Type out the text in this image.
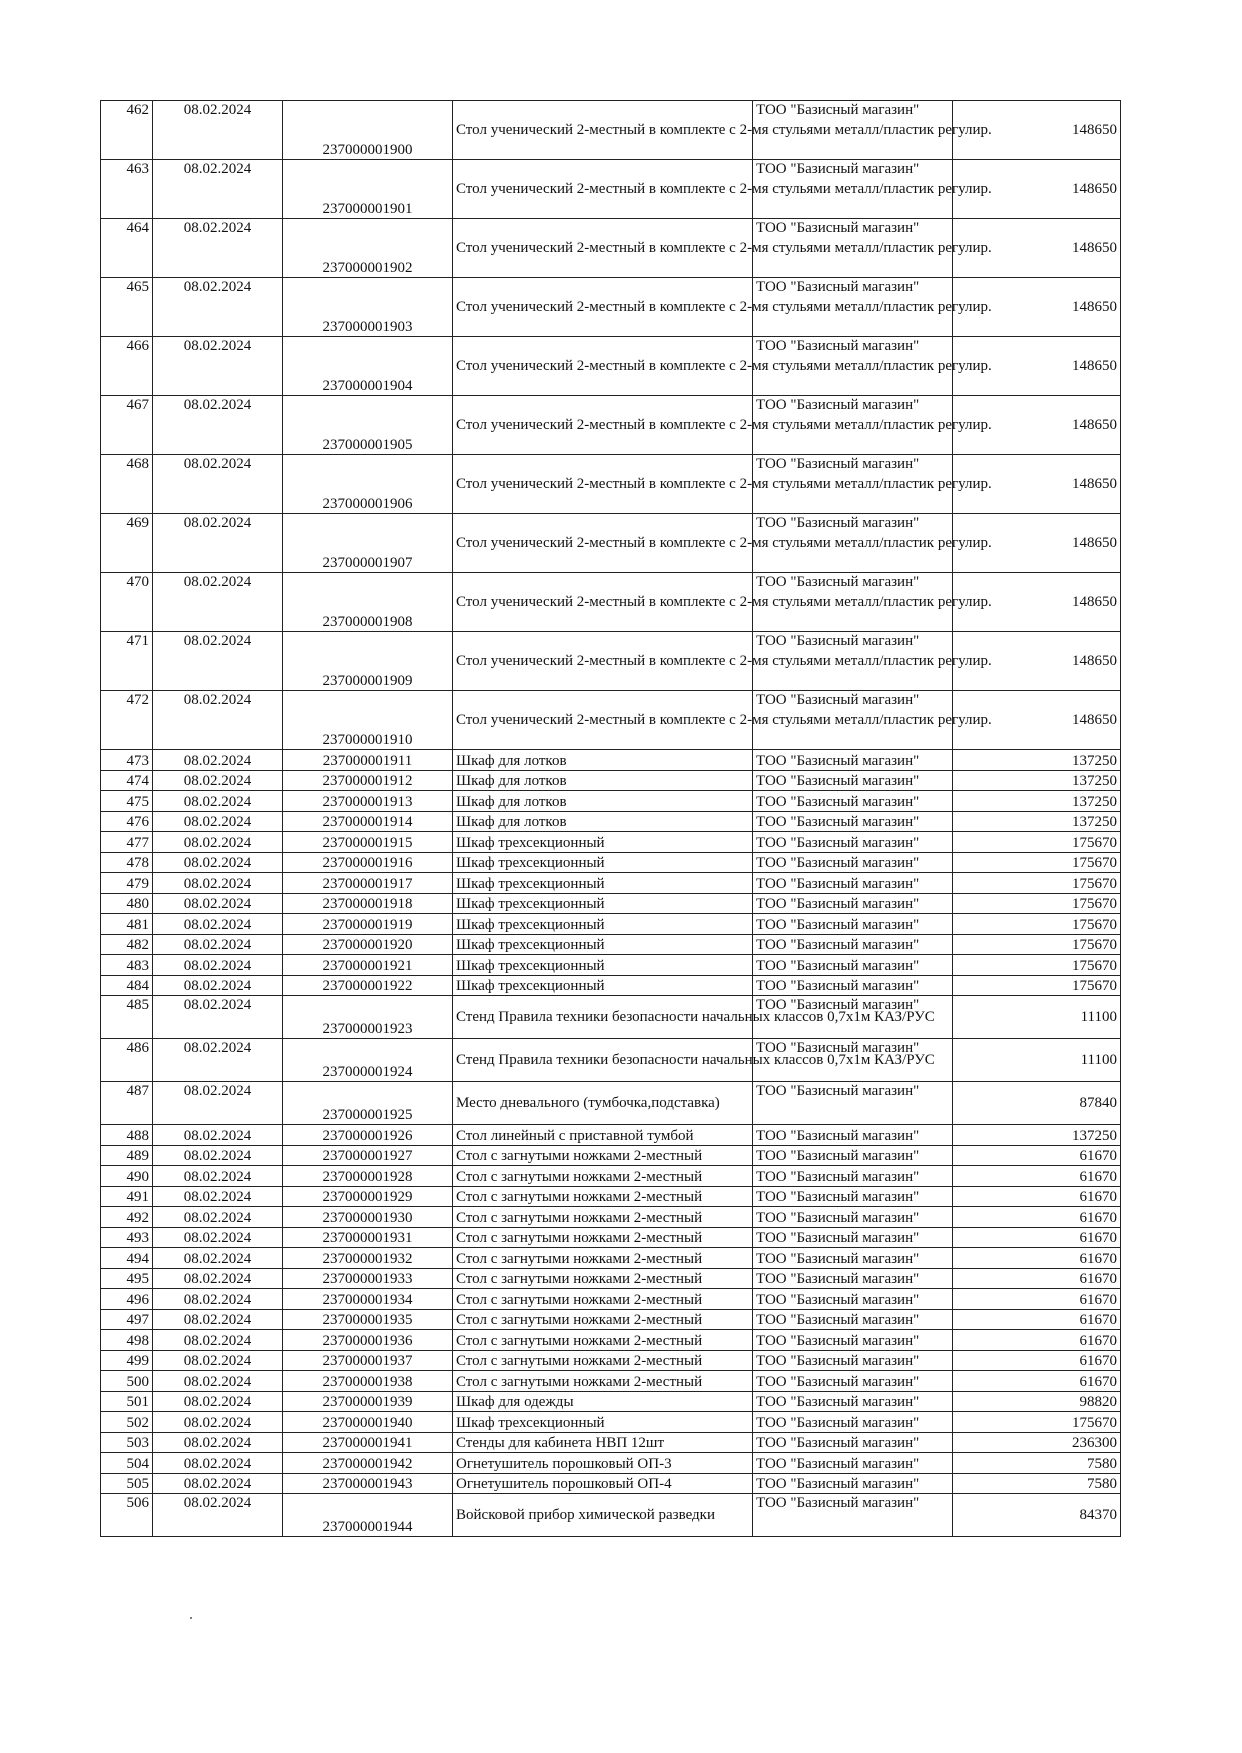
462	08.02.2024	237000001900	Стол ученический 2-местный в комплекте с 2-мя стульями металл/пластик регулир.	ТОО "Базисный магазин"	148650
463	08.02.2024	237000001901	Стол ученический 2-местный в комплекте с 2-мя стульями металл/пластик регулир.	ТОО "Базисный магазин"	148650
464	08.02.2024	237000001902	Стол ученический 2-местный в комплекте с 2-мя стульями металл/пластик регулир.	ТОО "Базисный магазин"	148650
465	08.02.2024	237000001903	Стол ученический 2-местный в комплекте с 2-мя стульями металл/пластик регулир.	ТОО "Базисный магазин"	148650
466	08.02.2024	237000001904	Стол ученический 2-местный в комплекте с 2-мя стульями металл/пластик регулир.	ТОО "Базисный магазин"	148650
467	08.02.2024	237000001905	Стол ученический 2-местный в комплекте с 2-мя стульями металл/пластик регулир.	ТОО "Базисный магазин"	148650
468	08.02.2024	237000001906	Стол ученический 2-местный в комплекте с 2-мя стульями металл/пластик регулир.	ТОО "Базисный магазин"	148650
469	08.02.2024	237000001907	Стол ученический 2-местный в комплекте с 2-мя стульями металл/пластик регулир.	ТОО "Базисный магазин"	148650
470	08.02.2024	237000001908	Стол ученический 2-местный в комплекте с 2-мя стульями металл/пластик регулир.	ТОО "Базисный магазин"	148650
471	08.02.2024	237000001909	Стол ученический 2-местный в комплекте с 2-мя стульями металл/пластик регулир.	ТОО "Базисный магазин"	148650
472	08.02.2024	237000001910	Стол ученический 2-местный в комплекте с 2-мя стульями металл/пластик регулир.	ТОО "Базисный магазин"	148650
473	08.02.2024	237000001911	Шкаф для лотков	ТОО "Базисный магазин"	137250
474	08.02.2024	237000001912	Шкаф для лотков	ТОО "Базисный магазин"	137250
475	08.02.2024	237000001913	Шкаф для лотков	ТОО "Базисный магазин"	137250
476	08.02.2024	237000001914	Шкаф для лотков	ТОО "Базисный магазин"	137250
477	08.02.2024	237000001915	Шкаф трехсекционный	ТОО "Базисный магазин"	175670
478	08.02.2024	237000001916	Шкаф трехсекционный	ТОО "Базисный магазин"	175670
479	08.02.2024	237000001917	Шкаф трехсекционный	ТОО "Базисный магазин"	175670
480	08.02.2024	237000001918	Шкаф трехсекционный	ТОО "Базисный магазин"	175670
481	08.02.2024	237000001919	Шкаф трехсекционный	ТОО "Базисный магазин"	175670
482	08.02.2024	237000001920	Шкаф трехсекционный	ТОО "Базисный магазин"	175670
483	08.02.2024	237000001921	Шкаф трехсекционный	ТОО "Базисный магазин"	175670
484	08.02.2024	237000001922	Шкаф трехсекционный	ТОО "Базисный магазин"	175670
485	08.02.2024	237000001923	Стенд Правила техники безопасности начальных классов 0,7х1м КАЗ/РУС	ТОО "Базисный магазин"	11100
486	08.02.2024	237000001924	Стенд Правила техники безопасности начальных классов 0,7х1м КАЗ/РУС	ТОО "Базисный магазин"	11100
487	08.02.2024	237000001925	Место дневального (тумбочка,подставка)	ТОО "Базисный магазин"	87840
488	08.02.2024	237000001926	Стол линейный с приставной тумбой	ТОО "Базисный магазин"	137250
489	08.02.2024	237000001927	Стол с загнутыми ножками 2-местный	ТОО "Базисный магазин"	61670
490	08.02.2024	237000001928	Стол с загнутыми ножками 2-местный	ТОО "Базисный магазин"	61670
491	08.02.2024	237000001929	Стол с загнутыми ножками 2-местный	ТОО "Базисный магазин"	61670
492	08.02.2024	237000001930	Стол с загнутыми ножками 2-местный	ТОО "Базисный магазин"	61670
493	08.02.2024	237000001931	Стол с загнутыми ножками 2-местный	ТОО "Базисный магазин"	61670
494	08.02.2024	237000001932	Стол с загнутыми ножками 2-местный	ТОО "Базисный магазин"	61670
495	08.02.2024	237000001933	Стол с загнутыми ножками 2-местный	ТОО "Базисный магазин"	61670
496	08.02.2024	237000001934	Стол с загнутыми ножками 2-местный	ТОО "Базисный магазин"	61670
497	08.02.2024	237000001935	Стол с загнутыми ножками 2-местный	ТОО "Базисный магазин"	61670
498	08.02.2024	237000001936	Стол с загнутыми ножками 2-местный	ТОО "Базисный магазин"	61670
499	08.02.2024	237000001937	Стол с загнутыми ножками 2-местный	ТОО "Базисный магазин"	61670
500	08.02.2024	237000001938	Стол с загнутыми ножками 2-местный	ТОО "Базисный магазин"	61670
501	08.02.2024	237000001939	Шкаф для одежды	ТОО "Базисный магазин"	98820
502	08.02.2024	237000001940	Шкаф трехсекционный	ТОО "Базисный магазин"	175670
503	08.02.2024	237000001941	Стенды для кабинета НВП 12шт	ТОО "Базисный магазин"	236300
504	08.02.2024	237000001942	Огнетушитель порошковый ОП-3	ТОО "Базисный магазин"	7580
505	08.02.2024	237000001943	Огнетушитель порошковый ОП-4	ТОО "Базисный магазин"	7580
506	08.02.2024	237000001944	Войсковой прибор химической разведки	ТОО "Базисный магазин"	84370
